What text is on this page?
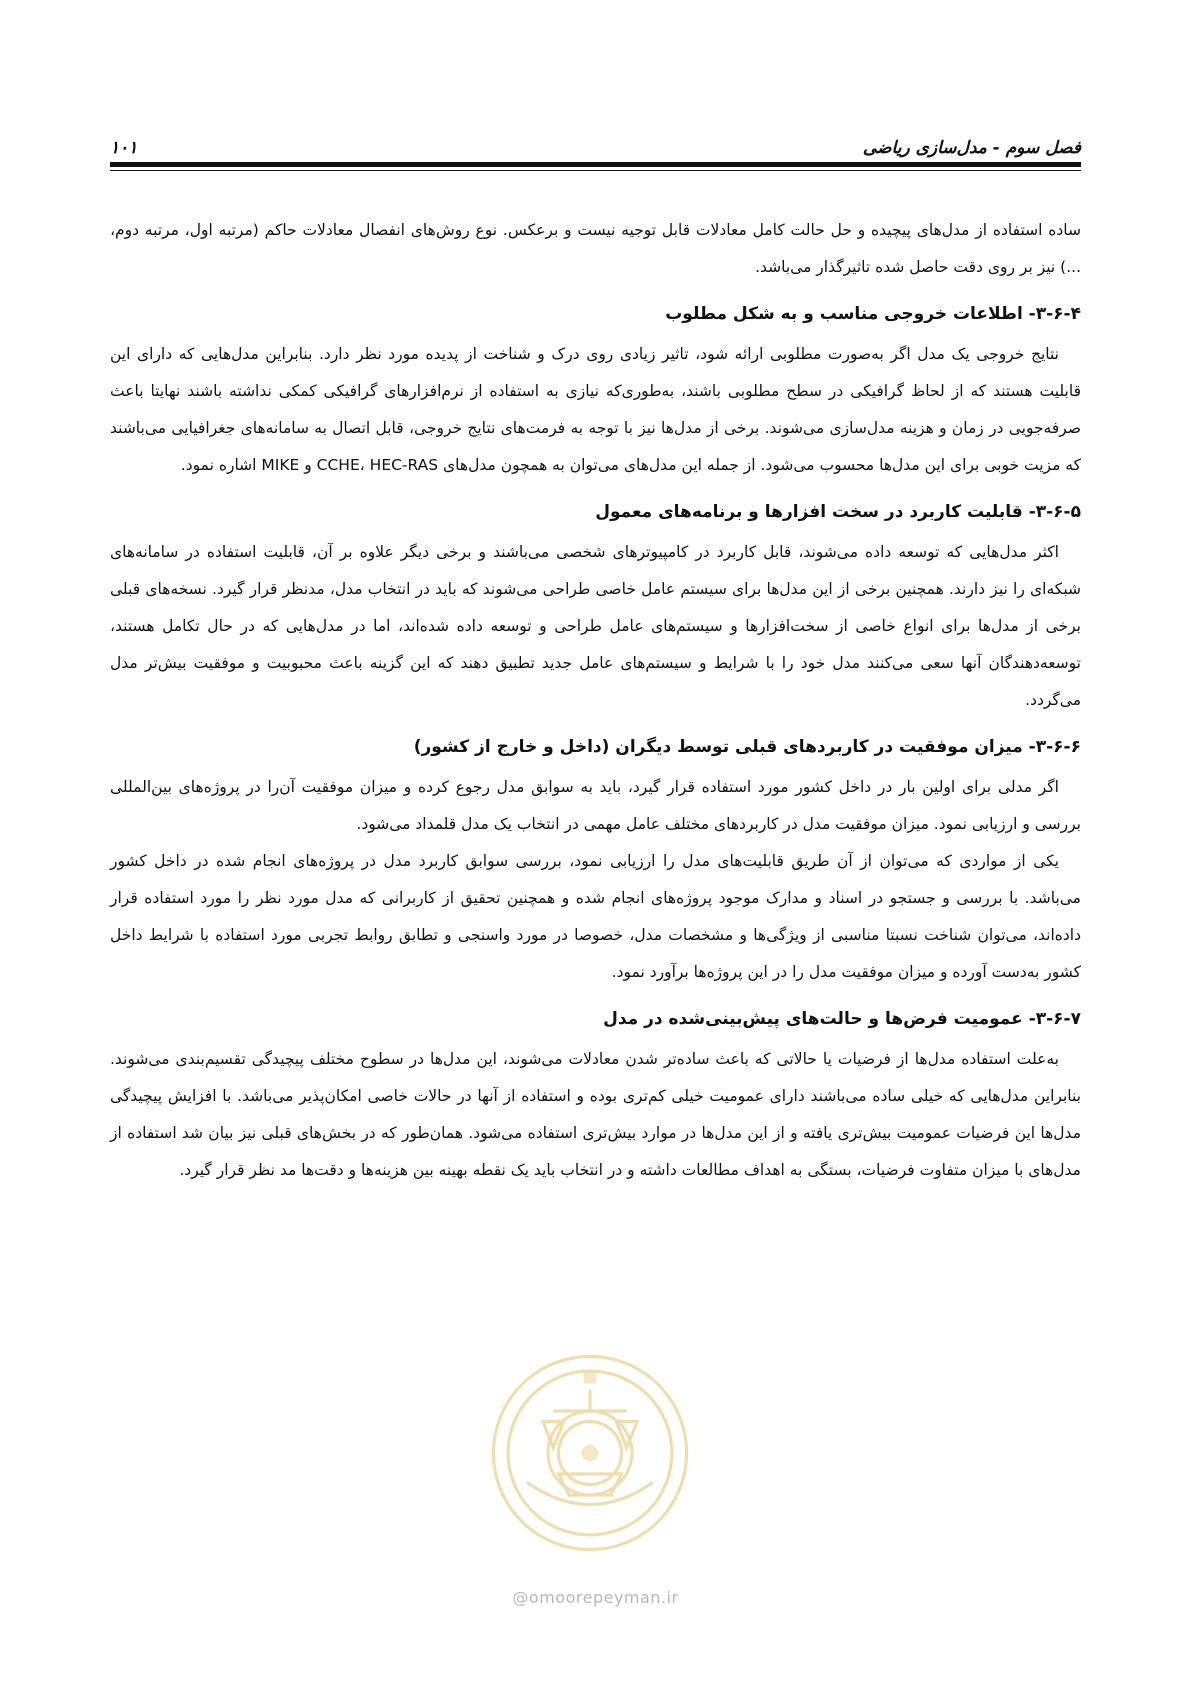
فصل سوم - مدل‌سازی ریاضی
۱۰۱

ساده استفاده از مدل‌های پیچیده و حل حالت کامل معادلات قابل توجیه نیست و برعکس. نوع روش‌های انفصال معادلات حاکم (مرتبه اول، مرتبه دوم، ...) نیز بر روی دقت حاصل شده تاثیرگذار می‌باشد.

۳-۶-۴- اطلاعات خروجی مناسب و به شکل مطلوب

نتایج خروجی یک مدل اگر به‌صورت مطلوبی ارائه شود، تاثیر زیادی روی درک و شناخت از پدیده مورد نظر دارد. بنابراین مدل‌هایی که دارای این قابلیت هستند که از لحاظ گرافیکی در سطح مطلوبی باشند، به‌طوری‌که نیازی به استفاده از نرم‌افزارهای گرافیکی کمکی نداشته باشند نهایتا باعث صرفه‌جویی در زمان و هزینه مدل‌سازی می‌شوند. برخی از مدل‌ها نیز با توجه به فرمت‌های نتایج خروجی، قابل اتصال به سامانه‌های جغرافیایی می‌باشند که مزیت خوبی برای این مدل‌ها محسوب می‌شود. از جمله این مدل‌های می‌توان به همچون مدل‌های CCHE، HEC-RAS و MIKE اشاره نمود.

۳-۶-۵- قابلیت کاربرد در سخت افزارها و برنامه‌های معمول

اکثر مدل‌هایی که توسعه داده می‌شوند، قابل کاربرد در کامپیوترهای شخصی می‌باشند و برخی دیگر علاوه بر آن، قابلیت استفاده در سامانه‌های شبکه‌ای را نیز دارند. همچنین برخی از این مدل‌ها برای سیستم عامل خاصی طراحی می‌شوند که باید در انتخاب مدل، مدنظر قرار گیرد. نسخه‌های قبلی برخی از مدل‌ها برای انواع خاصی از سخت‌افزارها و سیستم‌های عامل طراحی و توسعه داده شده‌اند، اما در مدل‌هایی که در حال تکامل هستند، توسعه‌دهندگان آنها سعی می‌کنند مدل خود را با شرایط و سیستم‌های عامل جدید تطبیق دهند که این گزینه باعث محبوبیت و موفقیت بیش‌تر مدل می‌گردد.

۳-۶-۶- میزان موفقیت در کاربردهای قبلی توسط دیگران (داخل و خارج از کشور)

اگر مدلی برای اولین بار در داخل کشور مورد استفاده قرار گیرد، باید به سوابق مدل رجوع کرده و میزان موفقیت آن‌را در پروژه‌های بین‌المللی بررسی و ارزیابی نمود. میزان موفقیت مدل در کاربردهای مختلف عامل مهمی در انتخاب یک مدل قلمداد می‌شود.

یکی از مواردی که می‌توان از آن طریق قابلیت‌های مدل را ارزیابی نمود، بررسی سوابق کاربرد مدل در پروژه‌های انجام شده در داخل کشور می‌باشد. با بررسی و جستجو در اسناد و مدارک موجود پروژه‌های انجام شده و همچنین تحقیق از کاربرانی که مدل مورد نظر را مورد استفاده قرار داده‌اند، می‌توان شناخت نسبتا مناسبی از ویژگی‌ها و مشخصات مدل، خصوصا در مورد واسنجی و تطابق روابط تجربی مورد استفاده با شرایط داخل کشور به‌دست آورده و میزان موفقیت مدل را در این پروژه‌ها برآورد نمود.

۳-۶-۷- عمومیت فرض‌ها و حالت‌های پیش‌بینی‌شده در مدل

به‌علت استفاده مدل‌ها از فرضیات یا حالاتی که باعث ساده‌تر شدن معادلات می‌شوند، این مدل‌ها در سطوح مختلف پیچیدگی تقسیم‌بندی می‌شوند. بنابراین مدل‌هایی که خیلی ساده می‌باشند دارای عمومیت خیلی کم‌تری بوده و استفاده از آنها در حالات خاصی امکان‌پذیر می‌باشد. با افزایش پیچیدگی مدل‌ها این فرضیات عمومیت بیش‌تری یافته و از این مدل‌ها در موارد بیش‌تری استفاده می‌شود. همان‌طور که در بخش‌های قبلی نیز بیان شد استفاده از مدل‌های با میزان متفاوت فرضیات، بستگی به اهداف مطالعات داشته و در انتخاب باید یک نقطه بهینه بین هزینه‌ها و دقت‌ها مد نظر قرار گیرد.

@omoorepeyman.ir
